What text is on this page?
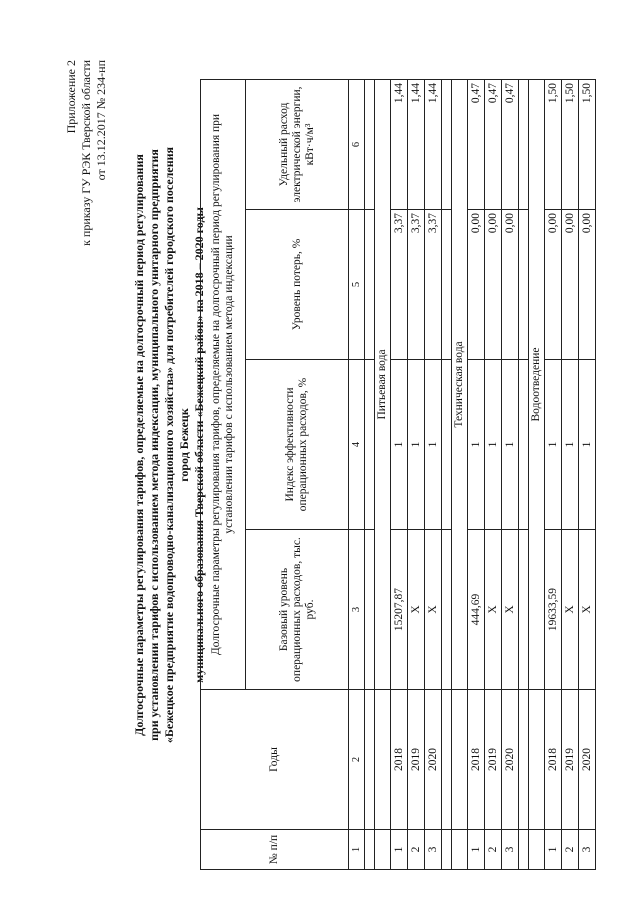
Приложение 2 к приказу ГУ РЭК Тверской области от 13.12.2017 № 234-нп
Долгосрочные параметры регулирования тарифов, определяемые на долгосрочный период регулирования при установлении тарифов с использованием метода индексации, муниципального унитарного предприятия «Бежецкое предприятие водопроводно-канализационного хозяйства» для потребителей городского поселения город Бежецк муниципального образования Тверской области «Бежецкий район» на 2018 – 2020 годы
№ п/п	Годы	Долгосрочные параметры регулирования тарифов, определяемые на долгосрочный период регулирования при установлении тарифов с использованием метода индексации			
		Базовый уровень операционных расходов, тыс. руб.	Индекс эффективности операционных расходов, %	Уровень потерь, %	Удельный расход электрической энергии, кВт·ч/м³
1	2	3	4	5	6

		Питьевая вода			
1	2018	15207,87	1	3,37	1,44
2	2019	X	1	3,37	1,44
3	2020	X	1	3,37	1,44

		Техническая вода			
1	2018	444,69	1	0,00	0,47
2	2019	X	1	0,00	0,47
3	2020	X	1	0,00	0,47

		Водоотведение			
1	2018	19633,59	1	0,00	1,50
2	2019	X	1	0,00	1,50
3	2020	X	1	0,00	1,50
